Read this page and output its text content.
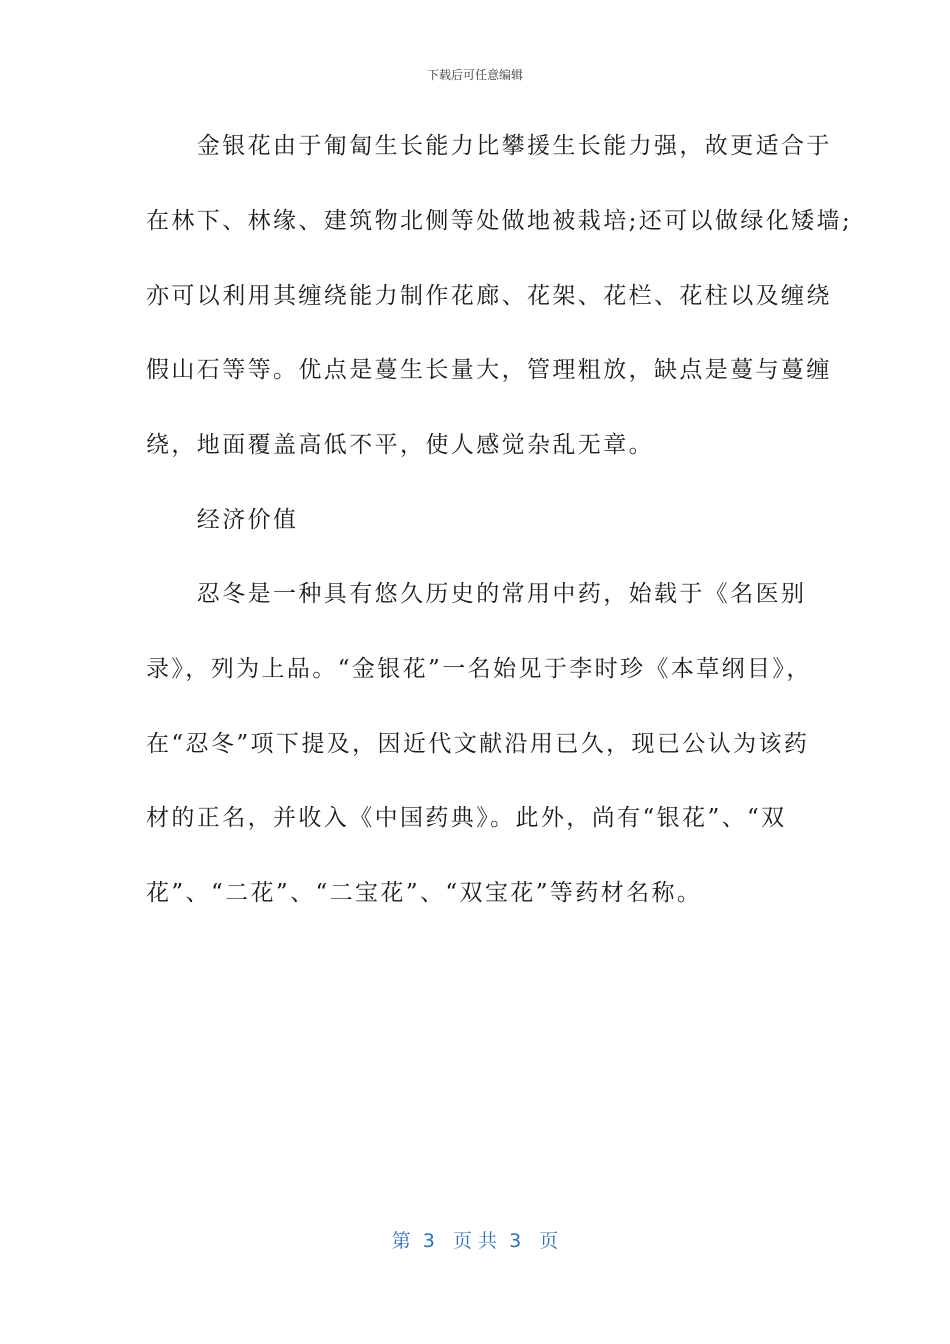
下载后可任意编辑
　　金银花由于匍匐生长能力比攀援生长能力强，故更适合于
在林下、林缘、建筑物北侧等处做地被栽培;还可以做绿化矮墙;
亦可以利用其缠绕能力制作花廊、花架、花栏、花柱以及缠绕
假山石等等。优点是蔓生长量大，管理粗放，缺点是蔓与蔓缠
绕，地面覆盖高低不平，使人感觉杂乱无章。
　　经济价值
　　忍冬是一种具有悠久历史的常用中药，始载于《名医别
录》，列为上品。“金银花”一名始见于李时珍《本草纲目》，
在“忍冬”项下提及，因近代文献沿用已久，现已公认为该药
材的正名，并收入《中国药典》。此外，尚有“银花”、“双
花”、“二花”、“二宝花”、“双宝花”等药材名称。
第  3   页 共  3   页
